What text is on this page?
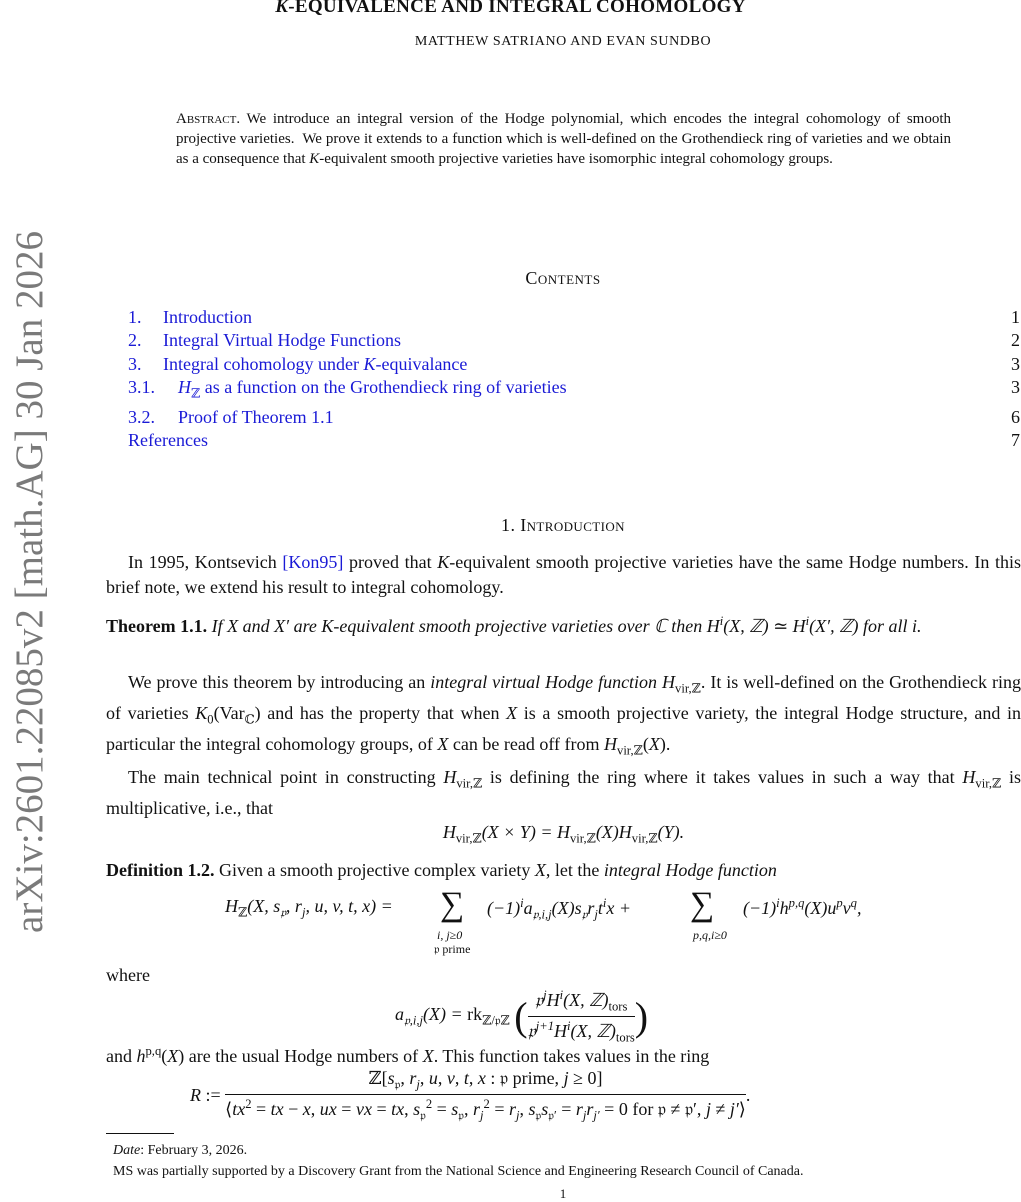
K-EQUIVALENCE AND INTEGRAL COHOMOLOGY
MATTHEW SATRIANO AND EVAN SUNDBO
Abstract. We introduce an integral version of the Hodge polynomial, which encodes the integral cohomology of smooth projective varieties.  We prove it extends to a function which is well-defined on the Grothendieck ring of varieties and we obtain as a consequence that K-equivalent smooth projective varieties have isomorphic integral cohomology groups.
arXiv:2601.22085v2 [math.AG] 30 Jan 2026	Contents
1. Introduction	1
2. Integral Virtual Hodge Functions	2
3. Integral cohomology under K-equivalance	3
3.1. $H_ℤ$ as a function on the Grothendieck ring of varieties	3
3.2. Proof of Theorem 1.1	6
References	7
1. Introduction
In 1995, Kontsevich [Kon95] proved that K-equivalent smooth projective varieties have the same Hodge numbers. In this brief note, we extend his result to integral cohomology.
Theorem 1.1. If X and X′ are K-equivalent smooth projective varieties over ℂ then $H^i(X$, ℤ) ≃ $H^i(X'$, ℤ) for all i.
We prove this theorem by introducing an integral virtual Hodge function $H_{vir,ℤ}$. It is well-defined on the Grothendieck ring of varieties $K_0(Var_ℂ)$ and has the property that when X is a smooth projective variety, the integral Hodge structure, and in particular the integral cohomology groups, of X can be read off from $H_{vir,ℤ}(X)$.
The main technical point in constructing $H_{vir,ℤ}$ is defining the ring where it takes values in such a way that $H_{vir,ℤ}$ is multiplicative, i.e., that
$H_{vir,ℤ}(X \times Y) = H_{vir,ℤ}(X)H_{vir,ℤ}(Y)$.
Definition 1.2. Given a smooth projective complex variety X, let the integral Hodge function
$H_ℤ(X$, $s_𝔭$, $r_j$, u, v, t, x) = ∑
i, j≥0
𝔭 prime
$(-1)^ia_{𝔭,i,j}(X)s_𝔭r_jt^ix$ + ∑
p,q,i≥0
$(-1)^ih^{p,q}(X)u^pv^q$,
where
$a_{𝔭,i,j}(X) = rk_{ℤ/𝔭ℤ}$ ( $\frac{𝔭^jH^i(X, ℤ)_{tors}}{𝔭^{j+1}H^i(X, ℤ)_{tors}}$ )
and $h^{p,q}(X)$ are the usual Hodge numbers of X. This function takes values in the ring
R :=
$ℤ[s_𝔭$, $r_j$, u, v, t, x : 𝔭 prime, j ≥ 0]
$⟨tx^2$ = tx − x, ux = vx = tx, $s_𝔭^2 = s_𝔭$, $r_j^2 = r_j$, $s_𝔭s_{𝔭'} = r_jr_{j'} = 0$ for 𝔭 ≠ 𝔭′, j ≠ j′⟩
.
Date: February 3, 2026.
MS was partially supported by a Discovery Grant from the National Science and Engineering Research Council of Canada.
1
